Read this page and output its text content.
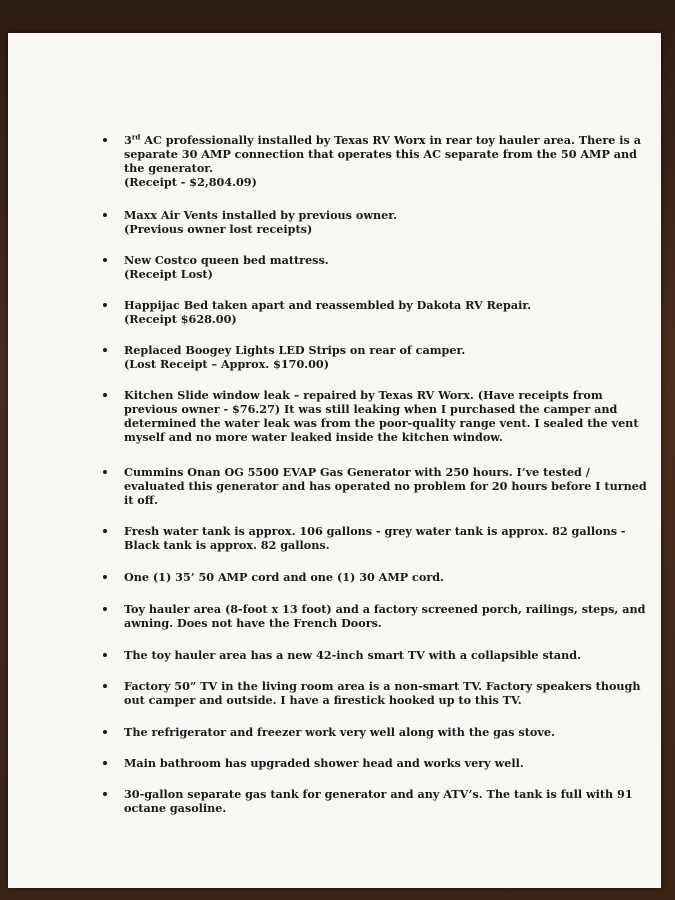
3rd AC professionally installed by Texas RV Worx in rear toy hauler area. There is a
separate 30 AMP connection that operates this AC separate from the 50 AMP and
the generator.
(Receipt - $2,804.09)
Maxx Air Vents installed by previous owner.
(Previous owner lost receipts)
New Costco queen bed mattress.
(Receipt Lost)
Happijac Bed taken apart and reassembled by Dakota RV Repair.
(Receipt $628.00)
Replaced Boogey Lights LED Strips on rear of camper.
(Lost Receipt – Approx. $170.00)
Kitchen Slide window leak – repaired by Texas RV Worx. (Have receipts from
previous owner - $76.27) It was still leaking when I purchased the camper and
determined the water leak was from the poor-quality range vent. I sealed the vent
myself and no more water leaked inside the kitchen window.
Cummins Onan OG 5500 EVAP Gas Generator with 250 hours. I’ve tested /
evaluated this generator and has operated no problem for 20 hours before I turned
it off.
Fresh water tank is approx. 106 gallons - grey water tank is approx. 82 gallons -
Black tank is approx. 82 gallons.
One (1) 35’ 50 AMP cord and one (1) 30 AMP cord.
Toy hauler area (8-foot x 13 foot) and a factory screened porch, railings, steps, and
awning. Does not have the French Doors.
The toy hauler area has a new 42-inch smart TV with a collapsible stand.
Factory 50” TV in the living room area is a non-smart TV. Factory speakers though
out camper and outside. I have a firestick hooked up to this TV.
The refrigerator and freezer work very well along with the gas stove.
Main bathroom has upgraded shower head and works very well.
30-gallon separate gas tank for generator and any ATV’s. The tank is full with 91
octane gasoline.
